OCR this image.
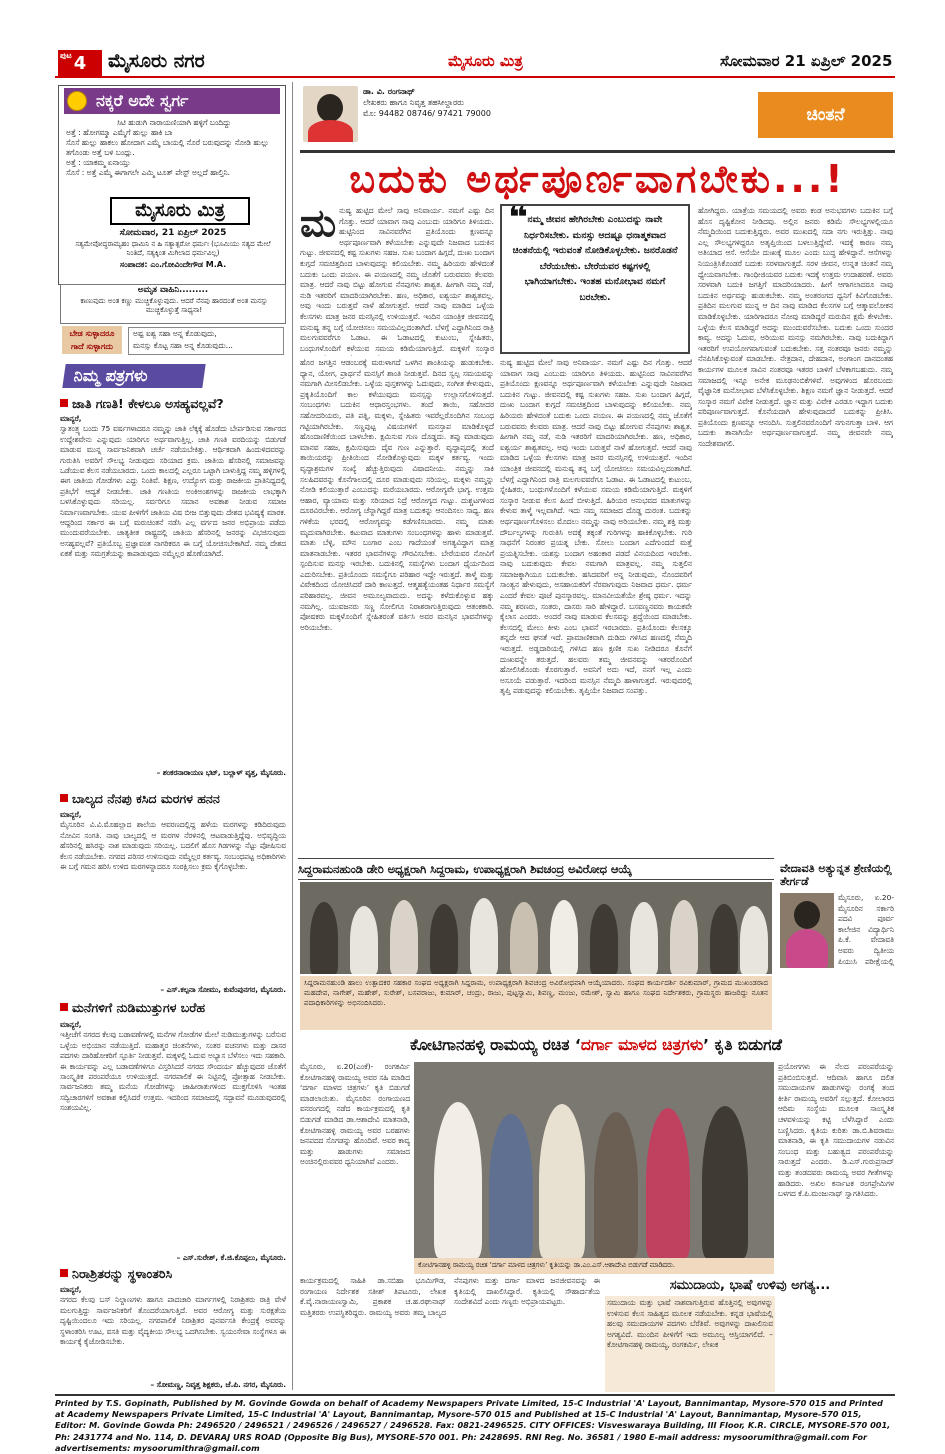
ಪುಟ 4 ಮೈಸೂರು ನಗರ	ಮೈಸೂರು ಮಿತ್ರ	ಸೋಮವಾರ 21 ಏಪ್ರಿಲ್ 2025
ನಕ್ಕರೆ ಅದೇ ಸ್ವರ್ಗ
ಸಿಟಿ ಹುಡುಗಿ ನಾರಾಯಣಿಯಾಗಿ ಹಳ್ಳಿಗೆ ಬಂದಿದ್ದು
ಅತ್ತೆ : ಹೋಗಮ್ಮಾ ಎಮ್ಮೆಗೆ ಹುಲ್ಲು ಹಾಕಿ ಬಾ
ಸೊಸೆ ಹುಲ್ಲು ಹಾಕಲು ಹೋದಾಗ ಎಮ್ಮೆ ಬಾಯಲ್ಲಿ ನೊರೆ ಬರುವುದನ್ನು ನೋಡಿ ಹುಲ್ಲು ತಗೊಂಡು ಅತ್ತೆ ಬಳಿ ಬಂದ್ಲು.
ಅತ್ತೆ : ಯಾಕಮ್ಮ ಏನಾಯ್ತು
ಸೊಸೆ : ಅತ್ತೆ ಎಮ್ಮೆ ಈಗಾಗಲೇ ಎಮ್ಮಿ ಟೂತ್ ಪೇಸ್ಟ್ ಅಲ್ಲದೆ ಹಾಲ್ತಿನಿ.
ಮೈಸೂರು ಮಿತ್ರ
ಸೋಮವಾರ, 21 ಏಪ್ರಿಲ್ 2025
ಸತ್ಯಮೇವೋದ್ಧರಾಮ್ಯಹಂ ಧಾಮಿನಿ ನ ಹಿ ಸತ್ಯಾತ್ಪರೋ ಧರ್ಮಃ (ಭೂಮಿಯು ಸತ್ಯದ ಮೇಲೆ ನಿಂತಿದೆ, ಸತ್ಯಕ್ಕಿಂತ ಮಿಗಿಲಾದ ಧರ್ಮವಿಲ್ಲ)
ಸಂಪಾದಕ: ಎಂ.ಗೋವಿಂದೇಗೌಡ M.A.
ಅಮೃತ ವಾಹಿನಿ.........
ಕಾಣುವುದು ಅಂತ ಕಣ್ಣು ಮುಚ್ಚಿಕೊಳ್ಳುವುದು. ಆದರೆ ನೆನಪು ಹಾರದಂತೆ ಅಂತ ಮನಸ್ಸು ಮುಚ್ಚಿಕೊಳ್ಳುತ್ತೆ ಸಾಧ್ಯನಾ!
ಬೇಡ ಸುಳ್ಳಾದರೂ
ಗಾದೆ ಸುಳ್ಳಾಗದು
ಅಷ್ಟ ಐಶ್ವ ಸಹಾ ಅನ್ನ ಕೊಡುವುದು,
ಮನಸ್ಸು ಕೊಟ್ಟ ಸಹಾ ಅನ್ನ ಕೊಡುವುದು...
ನಿಮ್ಮ ಪತ್ರಗಳು
ಜಾತಿ ಗಣತಿ! ಕೇಳಲೂ ಅಸಹ್ಯವಲ್ಲವೆ?
ಮಾನ್ಯರೆ,
ಸ್ವಾತಂತ್ರ್ಯ ಬಂದು 75 ವರ್ಷಗಳಾದರೂ ನಮ್ಮನ್ನು ಜಾತಿ ಲೆಕ್ಕಕ್ಕೆ ಹೊಡೆದು ಬೇರ್ಪಡಿಸುವ ಸರ್ಕಾರದ ಉದ್ದೇಶವೇನು ಎನ್ನುವುದು ಯಾರಿಗೂ ಅರ್ಥವಾಗುತ್ತಿಲ್ಲ. ಜಾತಿ ಗಣತಿ ವರದಿಯನ್ನು ಬಿಡುಗಡೆ ಮಾಡುವ ಮುನ್ನ ಸಾರ್ವಜನಿಕವಾಗಿ ಚರ್ಚೆ ನಡೆಯಬೇಕಿತ್ತು. ಆರ್ಥಿಕವಾಗಿ ಹಿಂದುಳಿದವರನ್ನು ಗುರುತಿಸಿ ಅವರಿಗೆ ಸೌಲಭ್ಯ ನೀಡುವುದು ಸರಿಯಾದ ಕ್ರಮ. ಜಾತಿಯ ಹೆಸರಿನಲ್ಲಿ ಸಮಾಜವನ್ನು ಒಡೆಯುವ ಕೆಲಸ ನಡೆಯಬಾರದು. ಒಂದು ಕಾಲದಲ್ಲಿ ಎಲ್ಲರೂ ಒಟ್ಟಾಗಿ ಬಾಳುತ್ತಿದ್ದ ನಮ್ಮ ಹಳ್ಳಿಗಳಲ್ಲಿ ಈಗ ಜಾತಿಯ ಗೋಡೆಗಳು ಎದ್ದು ನಿಂತಿವೆ. ಶಿಕ್ಷಣ, ಉದ್ಯೋಗ ಮತ್ತು ರಾಜಕೀಯ ಪ್ರಾತಿನಿಧ್ಯದಲ್ಲಿ ಪ್ರತಿಭೆಗೆ ಆದ್ಯತೆ ನೀಡಬೇಕು. ಜಾತಿ ಗಣತಿಯ ಅಂಕಿಅಂಶಗಳನ್ನು ರಾಜಕೀಯ ಲಾಭಕ್ಕಾಗಿ ಬಳಸಿಕೊಳ್ಳುವುದು ಸರಿಯಲ್ಲ. ಸರ್ವರಿಗೂ ಸಮಾನ ಅವಕಾಶ ನೀಡುವ ಸಮಾಜ ನಿರ್ಮಾಣವಾಗಬೇಕು. ಯುವ ಪೀಳಿಗೆಗೆ ಜಾತಿಯ ವಿಷ ಬೀಜ ಬಿತ್ತುವುದು ದೇಶದ ಭವಿಷ್ಯಕ್ಕೆ ಮಾರಕ. ಆದ್ದರಿಂದ ಸರ್ಕಾರ ಈ ಬಗ್ಗೆ ಮರುಚಿಂತನೆ ನಡೆಸಿ ಎಲ್ಲ ವರ್ಗದ ಜನರ ಅಭಿಪ್ರಾಯ ಪಡೆದು ಮುಂದುವರೆಯಬೇಕು. ಜಾತ್ಯತೀತ ರಾಷ್ಟ್ರದಲ್ಲಿ ಜಾತಿಯ ಹೆಸರಿನಲ್ಲಿ ಜನರನ್ನು ವಿಭಜಿಸುವುದು ಅಸಹ್ಯವಲ್ಲವೆ? ಪ್ರತಿಯೊಬ್ಬ ಪ್ರಜ್ಞಾವಂತ ನಾಗರಿಕರೂ ಈ ಬಗ್ಗೆ ಯೋಚಿಸಬೇಕಾಗಿದೆ. ನಮ್ಮ ದೇಶದ ಏಕತೆ ಮತ್ತು ಸಮಗ್ರತೆಯನ್ನು ಕಾಪಾಡುವುದು ನಮ್ಮೆಲ್ಲರ ಹೊಣೆಯಾಗಿದೆ.
– ಶಂಕರನಾರಾಯಣ ಭಟ್, ಬಲ್ಲಾಳ್ ವೃತ್ತ, ಮೈಸೂರು.
ಬಾಲ್ಯದ ನೆನಪು ಕಸಿದ ಮರಗಳ ಹನನ
ಮಾನ್ಯರೆ,
ಮೈಸೂರಿನ ವಿ.ವಿ.ಮೊಹಲ್ಲಾದ ಶಾಲೆಯ ಆವರಣದಲ್ಲಿದ್ದ ಹಳೆಯ ಮರಗಳನ್ನು ಕಡಿದಿರುವುದು ನೋವಿನ ಸಂಗತಿ. ನಾವು ಬಾಲ್ಯದಲ್ಲಿ ಆ ಮರಗಳ ನೆರಳಿನಲ್ಲಿ ಆಟವಾಡುತ್ತಿದ್ದೆವು. ಅಭಿವೃದ್ಧಿಯ ಹೆಸರಿನಲ್ಲಿ ಹಸಿರನ್ನು ನಾಶ ಮಾಡುವುದು ಸರಿಯಲ್ಲ. ಬದಲಿಗೆ ಹೊಸ ಗಿಡಗಳನ್ನು ನೆಟ್ಟು ಪೋಷಿಸುವ ಕೆಲಸ ನಡೆಯಬೇಕು. ನಗರದ ಪರಿಸರ ಉಳಿಸುವುದು ನಮ್ಮೆಲ್ಲರ ಕರ್ತವ್ಯ. ಸಂಬಂಧಪಟ್ಟ ಅಧಿಕಾರಿಗಳು ಈ ಬಗ್ಗೆ ಗಮನ ಹರಿಸಿ ಉಳಿದ ಮರಗಳನ್ನಾದರೂ ಸಂರಕ್ಷಿಸಲು ಕ್ರಮ ಕೈಗೊಳ್ಳಬೇಕು.
– ಎಸ್.ಕಲ್ಪನಾ ಸೋಮು, ಕುವೆಂಪುನಗರ, ಮೈಸೂರು.
ಮನೆಗಳಿಗೆ ನುಡಿಮುತ್ತುಗಳ ಬರೆಹ
ಮಾನ್ಯರೆ,
ಇತ್ತೀಚೆಗೆ ನಗರದ ಕೆಲವು ಬಡಾವಣೆಗಳಲ್ಲಿ ಮನೆಗಳ ಗೋಡೆಗಳ ಮೇಲೆ ನುಡಿಮುತ್ತುಗಳನ್ನು ಬರೆಸುವ ಒಳ್ಳೆಯ ಅಭಿಯಾನ ನಡೆಯುತ್ತಿದೆ. ಮಹಾತ್ಮರ ಚಿಂತನೆಗಳು, ಸಂತರ ವಚನಗಳು ಮತ್ತು ದಾಸರ ಪದಗಳು ದಾರಿಹೋಕರಿಗೆ ಸ್ಫೂರ್ತಿ ನೀಡುತ್ತವೆ. ಮಕ್ಕಳಲ್ಲಿ ಓದುವ ಅಭ್ಯಾಸ ಬೆಳೆಸಲು ಇದು ಸಹಕಾರಿ. ಈ ಕಾರ್ಯವನ್ನು ಎಲ್ಲ ಬಡಾವಣೆಗಳಿಗೂ ವಿಸ್ತರಿಸಿದರೆ ನಗರದ ಸೌಂದರ್ಯ ಹೆಚ್ಚುವುದರ ಜೊತೆಗೆ ಸಾಂಸ್ಕೃತಿಕ ಪರಂಪರೆಯೂ ಉಳಿಯುತ್ತದೆ. ನಗರಪಾಲಿಕೆ ಈ ನಿಟ್ಟಿನಲ್ಲಿ ಪ್ರೋತ್ಸಾಹ ನೀಡಬೇಕು. ಸಾರ್ವಜನಿಕರು ತಮ್ಮ ಮನೆಯ ಗೋಡೆಗಳನ್ನು ಜಾಹೀರಾತುಗಳಿಂದ ಮುಕ್ತಗೊಳಿಸಿ ಇಂತಹ ಸದ್ವಿಚಾರಗಳಿಗೆ ಅವಕಾಶ ಕಲ್ಪಿಸಿದರೆ ಉತ್ತಮ. ಇದರಿಂದ ಸಮಾಜದಲ್ಲಿ ಸದ್ಭಾವನೆ ಮೂಡುವುದರಲ್ಲಿ ಸಂಶಯವಿಲ್ಲ.
– ಎಸ್.ಸುರೇಶ್, ಕೆ.ಜಿ.ಕೊಪ್ಪಲು, ಮೈಸೂರು.
ನಿರಾಶ್ರಿತರನ್ನು ಸ್ಥಳಾಂತರಿಸಿ
ಮಾನ್ಯರೆ,
ನಗರದ ಕೆಲವು ಬಸ್ ನಿಲ್ದಾಣಗಳು ಹಾಗೂ ಪಾದಚಾರಿ ಮಾರ್ಗಗಳಲ್ಲಿ ನಿರಾಶ್ರಿತರು ರಾತ್ರಿ ವೇಳೆ ಮಲಗುತ್ತಿದ್ದು ಸಾರ್ವಜನಿಕರಿಗೆ ತೊಂದರೆಯಾಗುತ್ತಿದೆ. ಅವರ ಆರೋಗ್ಯ ಮತ್ತು ಸುರಕ್ಷತೆಯ ದೃಷ್ಟಿಯಿಂದಲೂ ಇದು ಸರಿಯಲ್ಲ. ನಗರಪಾಲಿಕೆ ನಿರಾಶ್ರಿತರ ಪುನರ್ವಸತಿ ಕೇಂದ್ರಕ್ಕೆ ಅವರನ್ನು ಸ್ಥಳಾಂತರಿಸಿ ಊಟ, ವಸತಿ ಮತ್ತು ವೈದ್ಯಕೀಯ ಸೌಲಭ್ಯ ಒದಗಿಸಬೇಕು. ಸ್ವಯಂಸೇವಾ ಸಂಸ್ಥೆಗಳೂ ಈ ಕಾರ್ಯಕ್ಕೆ ಕೈಜೋಡಿಸಬೇಕು.
– ಸೋಮಣ್ಣ, ನಿವೃತ್ತ ಶಿಕ್ಷಕರು, ಜೆ.ಪಿ. ನಗರ, ಮೈಸೂರು.
ಡಾ. ವಿ. ರಂಗನಾಥ್
ಲೇಖಕರು ಹಾಗೂ ನಿವೃತ್ತ ತಹಸೀಲ್ದಾರರು
ಮೊ: 94482 08746/ 97421 79000	ಚಿಂತನೆ
ಬದುಕು ಅರ್ಥಪೂರ್ಣವಾಗಬೇಕು...!
❝ ನಮ್ಮ ಜೀವನ ಹೇಗಿರಬೇಕು ಎಂಬುದನ್ನು ನಾವೇ ನಿರ್ಧರಿಸಬೇಕು. ಮನಸ್ಸು ಆದಷ್ಟೂ ಧನಾತ್ಮಕವಾದ ಚಿಂತನೆಯಲ್ಲಿ ಇರುವಂತೆ ನೋಡಿಕೊಳ್ಳಬೇಕು. ಜನರೊಡನೆ ಬೆರೆಯಬೇಕು. ಬೇರೆಯವರ ಕಷ್ಟಗಳಲ್ಲಿ ಭಾಗಿಯಾಗಬೇಕು. ಇಂತಹ ಮನೋಭಾವ ನಮಗೆ ಬರಬೇಕು.
ಮನುಷ್ಯ ಹುಟ್ಟಿದ ಮೇಲೆ ಸಾವು ಅನಿವಾರ್ಯ. ನಮಗೆ ಎಷ್ಟು ದಿನ ಗೊತ್ತು. ಆದರೆ ಯಾವಾಗ ಸಾವು ಎಂಬುದು ಯಾರಿಗೂ ತಿಳಿಯದು. ಹುಟ್ಟಿನಿಂದ ಸಾವಿನವರೆಗಿನ ಪ್ರತಿಯೊಂದು ಕ್ಷಣವನ್ನೂ ಅರ್ಥಪೂರ್ಣವಾಗಿ ಕಳೆಯಬೇಕು ಎನ್ನುವುದೇ ನಿಜವಾದ ಬದುಕಿನ ಗುಟ್ಟು. ಜೀವನದಲ್ಲಿ ಕಷ್ಟ ಸುಖಗಳು ಸಹಜ. ಸುಖ ಬಂದಾಗ ಹಿಗ್ಗದೆ, ದುಃಖ ಬಂದಾಗ ಕುಗ್ಗದೆ ಸಮಚಿತ್ತದಿಂದ ಬಾಳುವುದನ್ನು ಕಲಿಯಬೇಕು. ನಮ್ಮ ಹಿರಿಯರು ಹೇಳಿದಂತೆ ಬದುಕು ಒಂದು ಪಯಣ. ಈ ಪಯಣದಲ್ಲಿ ನಮ್ಮ ಜೊತೆಗೆ ಬರುವವರು ಕೆಲವರು ಮಾತ್ರ. ಆದರೆ ನಾವು ಬಿಟ್ಟು ಹೋಗುವ ನೆನಪುಗಳು ಶಾಶ್ವತ. ಹೀಗಾಗಿ ನಮ್ಮ ನಡೆ, ನುಡಿ ಇತರರಿಗೆ ಮಾದರಿಯಾಗಿರಬೇಕು. ಹಣ, ಅಧಿಕಾರ, ಐಶ್ವರ್ಯ ಶಾಶ್ವತವಲ್ಲ. ಅವು ಇಂದು ಬರುತ್ತವೆ ನಾಳೆ ಹೋಗುತ್ತವೆ. ಆದರೆ ನಾವು ಮಾಡಿದ ಒಳ್ಳೆಯ ಕೆಲಸಗಳು ಮಾತ್ರ ಜನರ ಮನಸ್ಸಿನಲ್ಲಿ ಉಳಿಯುತ್ತವೆ. ಇಂದಿನ ಯಾಂತ್ರಿಕ ಜೀವನದಲ್ಲಿ ಮನುಷ್ಯ ತನ್ನ ಬಗ್ಗೆ ಯೋಚಿಸಲು ಸಮಯವಿಲ್ಲದಂತಾಗಿದೆ. ಬೆಳಗ್ಗೆ ಎದ್ದಾಗಿನಿಂದ ರಾತ್ರಿ ಮಲಗುವವರೆಗೂ ಓಡಾಟ. ಈ ಓಡಾಟದಲ್ಲಿ ಕುಟುಂಬ, ಸ್ನೇಹಿತರು, ಬಂಧುಗಳೊಂದಿಗೆ ಕಳೆಯುವ ಸಮಯ ಕಡಿಮೆಯಾಗುತ್ತಿದೆ. ಮಕ್ಕಳಿಗೆ ಸಂಸ್ಕಾರ
ಹೊರ ಜಗತ್ತಿನ ಆಡಂಬರಕ್ಕೆ ಮರುಳಾಗದೆ ಒಳಗಿನ ಶಾಂತಿಯನ್ನು ಹುಡುಕಬೇಕು. ಧ್ಯಾನ, ಯೋಗ, ಪ್ರಾರ್ಥನೆ ಮನಸ್ಸಿಗೆ ಶಾಂತಿ ನೀಡುತ್ತವೆ. ದಿನದ ಸ್ವಲ್ಪ ಸಮಯವನ್ನು ನಮಗಾಗಿ ಮೀಸಲಿಡಬೇಕು. ಒಳ್ಳೆಯ ಪುಸ್ತಕಗಳನ್ನು ಓದುವುದು, ಸಂಗೀತ ಕೇಳುವುದು, ಪ್ರಕೃತಿಯೊಂದಿಗೆ ಕಾಲ ಕಳೆಯುವುದು ಮನಸ್ಸನ್ನು ಉಲ್ಲಾಸಗೊಳಿಸುತ್ತದೆ. ಸಂಬಂಧಗಳು ಬದುಕಿನ ಆಧಾರಸ್ತಂಭಗಳು. ತಂದೆ ತಾಯಿ, ಸಹೋದರ ಸಹೋದರಿಯರು, ಪತಿ ಪತ್ನಿ, ಮಕ್ಕಳು, ಸ್ನೇಹಿತರು ಇವರೆಲ್ಲರೊಂದಿಗಿನ ಸಂಬಂಧ ಗಟ್ಟಿಯಾಗಿರಬೇಕು. ಸಣ್ಣಪುಟ್ಟ ವಿಷಯಗಳಿಗೆ ಮನಸ್ತಾಪ ಮಾಡಿಕೊಳ್ಳದೆ ಹೊಂದಾಣಿಕೆಯಿಂದ ಬಾಳಬೇಕು. ಕ್ಷಮಿಸುವ ಗುಣ ದೊಡ್ಡದು. ತಪ್ಪು ಮಾಡುವುದು ಮಾನವ ಸಹಜ, ಕ್ಷಮಿಸುವುದು ದೈವ ಗುಣ ಎನ್ನುತ್ತಾರೆ. ವೃದ್ಧಾಪ್ಯದಲ್ಲಿ ತಂದೆ ತಾಯಿಯರನ್ನು ಪ್ರೀತಿಯಿಂದ ನೋಡಿಕೊಳ್ಳುವುದು ಮಕ್ಕಳ ಕರ್ತವ್ಯ. ಇಂದು ವೃದ್ಧಾಶ್ರಮಗಳ ಸಂಖ್ಯೆ ಹೆಚ್ಚುತ್ತಿರುವುದು ವಿಷಾದನೀಯ. ನಮ್ಮನ್ನು ಸಾಕಿ ಸಲಹಿದವರನ್ನು ಕೊನೆಗಾಲದಲ್ಲಿ ದೂರ ಮಾಡುವುದು ಸರಿಯಲ್ಲ. ಮಕ್ಕಳು ನಮ್ಮನ್ನು ನೋಡಿ ಕಲಿಯುತ್ತಾರೆ ಎಂಬುದನ್ನು ಮರೆಯಬಾರದು. ಆರೋಗ್ಯವೇ ಭಾಗ್ಯ. ಉತ್ತಮ ಆಹಾರ, ವ್ಯಾಯಾಮ ಮತ್ತು ಸರಿಯಾದ ನಿದ್ರೆ ಆರೋಗ್ಯದ ಗುಟ್ಟು. ದುಶ್ಚಟಗಳಿಂದ ದೂರವಿರಬೇಕು. ಆರೋಗ್ಯ ಚೆನ್ನಾಗಿದ್ದರೆ ಮಾತ್ರ ಬದುಕನ್ನು ಆನಂದಿಸಲು ಸಾಧ್ಯ. ಹಣ ಗಳಿಕೆಯ ಭರದಲ್ಲಿ ಆರೋಗ್ಯವನ್ನು ಕಡೆಗಣಿಸಬಾರದು. ನಮ್ಮ ಮಾತು ಮೃದುವಾಗಿರಬೇಕು. ಕಟುವಾದ ಮಾತುಗಳು ಸಂಬಂಧಗಳನ್ನು ಹಾಳು ಮಾಡುತ್ತವೆ. ಮಾತು ಬೆಳ್ಳಿ, ಮೌನ ಬಂಗಾರ ಎಂಬ ಗಾದೆಯಂತೆ ಅಗತ್ಯವಿದ್ದಾಗ ಮಾತ್ರ ಮಾತನಾಡಬೇಕು. ಇತರರ ಭಾವನೆಗಳನ್ನು ಗೌರವಿಸಬೇಕು. ಬೇರೆಯವರ ನೋವಿಗೆ ಸ್ಪಂದಿಸುವ ಮನಸ್ಸು ಇರಬೇಕು. ಬದುಕಿನಲ್ಲಿ ಸಮಸ್ಯೆಗಳು ಬಂದಾಗ ಧೈರ್ಯದಿಂದ ಎದುರಿಸಬೇಕು. ಪ್ರತಿಯೊಂದು ಸಮಸ್ಯೆಗೂ ಪರಿಹಾರ ಇದ್ದೇ ಇರುತ್ತದೆ. ತಾಳ್ಮೆ ಮತ್ತು ವಿವೇಕದಿಂದ ಯೋಚಿಸಿದರೆ ದಾರಿ ಕಾಣುತ್ತದೆ. ಆತ್ಮಹತ್ಯೆಯಂತಹ ನಿರ್ಧಾರ ಸಮಸ್ಯೆಗೆ ಪರಿಹಾರವಲ್ಲ. ಜೀವನ ಅಮೂಲ್ಯವಾದುದು. ಅದನ್ನು ಕಳೆದುಕೊಳ್ಳುವ ಹಕ್ಕು ನಮಗಿಲ್ಲ. ಯುವಜನರು ಸಣ್ಣ ಸೋಲಿಗೂ ನಿರಾಶರಾಗುತ್ತಿರುವುದು ಆತಂಕಕಾರಿ. ಪೋಷಕರು ಮಕ್ಕಳೊಂದಿಗೆ ಸ್ನೇಹಿತರಂತೆ ವರ್ತಿಸಿ ಅವರ ಮನಸ್ಸಿನ ಭಾವನೆಗಳನ್ನು ಅರಿಯಬೇಕು.
ನುಷ್ಯ ಹುಟ್ಟಿದ ಮೇಲೆ ಸಾವು ಅನಿವಾರ್ಯ. ನಮಗೆ ಎಷ್ಟು ದಿನ ಗೊತ್ತು. ಆದರೆ ಯಾವಾಗ ಸಾವು ಎಂಬುದು ಯಾರಿಗೂ ತಿಳಿಯದು. ಹುಟ್ಟಿನಿಂದ ಸಾವಿನವರೆಗಿನ ಪ್ರತಿಯೊಂದು ಕ್ಷಣವನ್ನೂ ಅರ್ಥಪೂರ್ಣವಾಗಿ ಕಳೆಯಬೇಕು ಎನ್ನುವುದೇ ನಿಜವಾದ ಬದುಕಿನ ಗುಟ್ಟು. ಜೀವನದಲ್ಲಿ ಕಷ್ಟ ಸುಖಗಳು ಸಹಜ. ಸುಖ ಬಂದಾಗ ಹಿಗ್ಗದೆ, ದುಃಖ ಬಂದಾಗ ಕುಗ್ಗದೆ ಸಮಚಿತ್ತದಿಂದ ಬಾಳುವುದನ್ನು ಕಲಿಯಬೇಕು. ನಮ್ಮ ಹಿರಿಯರು ಹೇಳಿದಂತೆ ಬದುಕು ಒಂದು ಪಯಣ. ಈ ಪಯಣದಲ್ಲಿ ನಮ್ಮ ಜೊತೆಗೆ ಬರುವವರು ಕೆಲವರು ಮಾತ್ರ. ಆದರೆ ನಾವು ಬಿಟ್ಟು ಹೋಗುವ ನೆನಪುಗಳು ಶಾಶ್ವತ. ಹೀಗಾಗಿ ನಮ್ಮ ನಡೆ, ನುಡಿ ಇತರರಿಗೆ ಮಾದರಿಯಾಗಿರಬೇಕು. ಹಣ, ಅಧಿಕಾರ, ಐಶ್ವರ್ಯ ಶಾಶ್ವತವಲ್ಲ. ಅವು ಇಂದು ಬರುತ್ತವೆ ನಾಳೆ ಹೋಗುತ್ತವೆ. ಆದರೆ ನಾವು ಮಾಡಿದ ಒಳ್ಳೆಯ ಕೆಲಸಗಳು ಮಾತ್ರ ಜನರ ಮನಸ್ಸಿನಲ್ಲಿ ಉಳಿಯುತ್ತವೆ. ಇಂದಿನ ಯಾಂತ್ರಿಕ ಜೀವನದಲ್ಲಿ ಮನುಷ್ಯ ತನ್ನ ಬಗ್ಗೆ ಯೋಚಿಸಲು ಸಮಯವಿಲ್ಲದಂತಾಗಿದೆ. ಬೆಳಗ್ಗೆ ಎದ್ದಾಗಿನಿಂದ ರಾತ್ರಿ ಮಲಗುವವರೆಗೂ ಓಡಾಟ. ಈ ಓಡಾಟದಲ್ಲಿ ಕುಟುಂಬ, ಸ್ನೇಹಿತರು, ಬಂಧುಗಳೊಂದಿಗೆ ಕಳೆಯುವ ಸಮಯ ಕಡಿಮೆಯಾಗುತ್ತಿದೆ. ಮಕ್ಕಳಿಗೆ ಸಂಸ್ಕಾರ ನೀಡುವ ಕೆಲಸ ಹಿಂದೆ ಬೀಳುತ್ತಿದೆ. ಹಿರಿಯರ ಅನುಭವದ ಮಾತುಗಳನ್ನು ಕೇಳುವ ತಾಳ್ಮೆ ಇಲ್ಲವಾಗಿದೆ. ಇದು ನಮ್ಮ ಸಮಾಜದ ದೊಡ್ಡ ದುರಂತ. ಬದುಕನ್ನು ಅರ್ಥಪೂರ್ಣಗೊಳಿಸಲು ಮೊದಲು ನಮ್ಮನ್ನು ನಾವು ಅರಿಯಬೇಕು. ನಮ್ಮ ಶಕ್ತಿ ಮತ್ತು ದೌರ್ಬಲ್ಯಗಳನ್ನು ಗುರುತಿಸಿ ಅದಕ್ಕೆ ತಕ್ಕಂತೆ ಗುರಿಗಳನ್ನು ಹಾಕಿಕೊಳ್ಳಬೇಕು. ಗುರಿ ಸಾಧನೆಗೆ ನಿರಂತರ ಪ್ರಯತ್ನ ಬೇಕು. ಸೋಲು ಬಂದಾಗ ಎದೆಗುಂದದೆ ಮತ್ತೆ ಪ್ರಯತ್ನಿಸಬೇಕು. ಯಶಸ್ಸು ಬಂದಾಗ ಅಹಂಕಾರ ಪಡದೆ ವಿನಯದಿಂದ ಇರಬೇಕು. ನಾವು ಬದುಕುವುದು ಕೇವಲ ನಮಗಾಗಿ ಮಾತ್ರವಲ್ಲ. ನಮ್ಮ ಸುತ್ತಲಿನ ಸಮಾಜಕ್ಕಾಗಿಯೂ ಬದುಕಬೇಕು. ಹಸಿದವರಿಗೆ ಅನ್ನ ನೀಡುವುದು, ನೊಂದವರಿಗೆ ಸಾಂತ್ವನ ಹೇಳುವುದು, ಅಸಹಾಯಕರಿಗೆ ನೆರವಾಗುವುದು ನಿಜವಾದ ಧರ್ಮ. ಧರ್ಮ ಎಂದರೆ ಕೇವಲ ಪೂಜೆ ಪುನಸ್ಕಾರವಲ್ಲ. ಮಾನವೀಯತೆಯೇ ಶ್ರೇಷ್ಠ ಧರ್ಮ. ಇದನ್ನು ನಮ್ಮ ಶರಣರು, ಸಂತರು, ದಾಸರು ಸಾರಿ ಹೇಳಿದ್ದಾರೆ. ಬಸವಣ್ಣನವರು ಕಾಯಕವೇ ಕೈಲಾಸ ಎಂದರು. ಅಂದರೆ ನಾವು ಮಾಡುವ ಕೆಲಸವನ್ನು ಶ್ರದ್ಧೆಯಿಂದ ಮಾಡಬೇಕು. ಕೆಲಸದಲ್ಲಿ ಮೇಲು ಕೀಳು ಎಂಬ ಭಾವನೆ ಇರಬಾರದು. ಪ್ರತಿಯೊಂದು ಕೆಲಸಕ್ಕೂ ತನ್ನದೇ ಆದ ಘನತೆ ಇದೆ. ಪ್ರಾಮಾಣಿಕವಾಗಿ ದುಡಿದು ಗಳಿಸಿದ ಹಣದಲ್ಲಿ ನೆಮ್ಮದಿ ಇರುತ್ತದೆ. ಅಡ್ಡದಾರಿಯಲ್ಲಿ ಗಳಿಸಿದ ಹಣ ಕ್ಷಣಿಕ ಸುಖ ನೀಡಿದರೂ ಕೊನೆಗೆ ದುಃಖವನ್ನೇ ತರುತ್ತದೆ. ಹಲವರು ತಮ್ಮ ಜೀವನವನ್ನು ಇತರರೊಂದಿಗೆ ಹೋಲಿಸಿಕೊಂಡು ಕೊರಗುತ್ತಾರೆ. ಅವನಿಗೆ ಅದು ಇದೆ, ನನಗೆ ಇಲ್ಲ ಎಂದು ಅಸೂಯೆ ಪಡುತ್ತಾರೆ. ಇದರಿಂದ ಮನಸ್ಸಿನ ನೆಮ್ಮದಿ ಹಾಳಾಗುತ್ತದೆ. ಇರುವುದರಲ್ಲಿ ತೃಪ್ತಿ ಪಡುವುದನ್ನು ಕಲಿಯಬೇಕು. ತೃಪ್ತಿಯೇ ನಿಜವಾದ ಸಂಪತ್ತು.
ಹೋಗಿದ್ದರು. ಯಾತ್ರೆಯ ಸಮಯದಲ್ಲಿ ಅವರು ಕಂಡ ಅನುಭವಗಳು ಬದುಕಿನ ಬಗ್ಗೆ ಹೊಸ ದೃಷ್ಟಿಕೋನ ನೀಡಿದವು. ಅಲ್ಲಿನ ಜನರು ಕಡಿಮೆ ಸೌಲಭ್ಯಗಳಲ್ಲಿಯೂ ನೆಮ್ಮದಿಯಿಂದ ಬದುಕುತ್ತಿದ್ದರು. ಅವರ ಮುಖದಲ್ಲಿ ಸದಾ ನಗು ಇರುತ್ತಿತ್ತು. ನಾವು ಎಲ್ಲ ಸೌಲಭ್ಯಗಳಿದ್ದರೂ ಅತೃಪ್ತಿಯಿಂದ ಬಳಲುತ್ತಿದ್ದೇವೆ. ಇದಕ್ಕೆ ಕಾರಣ ನಮ್ಮ ಅತಿಯಾದ ಆಸೆ. ಆಸೆಯೇ ದುಃಖಕ್ಕೆ ಮೂಲ ಎಂದು ಬುದ್ಧ ಹೇಳಿದ್ದಾನೆ. ಆಸೆಗಳನ್ನು ನಿಯಂತ್ರಿಸಿಕೊಂಡರೆ ಬದುಕು ಸರಳವಾಗುತ್ತದೆ. ಸರಳ ಜೀವನ, ಉನ್ನತ ಚಿಂತನೆ ನಮ್ಮ ಧ್ಯೇಯವಾಗಬೇಕು. ಗಾಂಧೀಜಿಯವರ ಬದುಕು ಇದಕ್ಕೆ ಉತ್ತಮ ಉದಾಹರಣೆ. ಅವರು ಸರಳವಾಗಿ ಬದುಕಿ ಜಗತ್ತಿಗೆ ಮಾದರಿಯಾದರು. ಹೀಗೆ ಆಗಾಗಲಾದರೂ ನಾವು ಬದುಕಿನ ಅರ್ಥವನ್ನು ಹುಡುಕಬೇಕು. ನಮ್ಮ ಅಂತರಂಗದ ಧ್ವನಿಗೆ ಕಿವಿಗೊಡಬೇಕು. ಪ್ರತಿದಿನ ಮಲಗುವ ಮುನ್ನ ಆ ದಿನ ನಾವು ಮಾಡಿದ ಕೆಲಸಗಳ ಬಗ್ಗೆ ಆತ್ಮಾವಲೋಕನ ಮಾಡಿಕೊಳ್ಳಬೇಕು. ಯಾರಿಗಾದರೂ ನೋವು ಮಾಡಿದ್ದರೆ ಮರುದಿನ ಕ್ಷಮೆ ಕೇಳಬೇಕು. ಒಳ್ಳೆಯ ಕೆಲಸ ಮಾಡಿದ್ದರೆ ಅದನ್ನು ಮುಂದುವರೆಸಬೇಕು. ಬದುಕು ಒಂದು ಸುಂದರ ಕಾವ್ಯ. ಅದನ್ನು ಓದುವ, ಅರಿಯುವ ಮನಸ್ಸು ನಮಗಿರಬೇಕು. ನಾವು ಬದುಕಿದ್ದಾಗ ಇತರರಿಗೆ ಉಪಯೋಗವಾಗುವಂತೆ ಬದುಕಬೇಕು. ಸತ್ತ ನಂತರವೂ ಜನರು ನಮ್ಮನ್ನು ನೆನಪಿಸಿಕೊಳ್ಳುವಂತೆ ಮಾಡಬೇಕು. ನೇತ್ರದಾನ, ದೇಹದಾನ, ಅಂಗಾಂಗ ದಾನದಂತಹ ಕಾರ್ಯಗಳ ಮೂಲಕ ಸಾವಿನ ನಂತರವೂ ಇತರರ ಬಾಳಿಗೆ ಬೆಳಕಾಗಬಹುದು. ನಮ್ಮ ಸಮಾಜದಲ್ಲಿ ಇನ್ನೂ ಅನೇಕ ಮೂಢನಂಬಿಕೆಗಳಿವೆ. ಅವುಗಳಿಂದ ಹೊರಬಂದು ವೈಜ್ಞಾನಿಕ ಮನೋಭಾವ ಬೆಳೆಸಿಕೊಳ್ಳಬೇಕು. ಶಿಕ್ಷಣ ನಮಗೆ ಜ್ಞಾನ ನೀಡುತ್ತದೆ. ಆದರೆ ಸಂಸ್ಕಾರ ನಮಗೆ ವಿವೇಕ ನೀಡುತ್ತದೆ. ಜ್ಞಾನ ಮತ್ತು ವಿವೇಕ ಎರಡೂ ಇದ್ದಾಗ ಬದುಕು ಪರಿಪೂರ್ಣವಾಗುತ್ತದೆ. ಕೊನೆಯದಾಗಿ ಹೇಳುವುದಾದರೆ ಬದುಕನ್ನು ಪ್ರೀತಿಸಿ. ಪ್ರತಿಯೊಂದು ಕ್ಷಣವನ್ನೂ ಆನಂದಿಸಿ. ಸುತ್ತಲಿನವರೊಂದಿಗೆ ನಗುನಗುತ್ತಾ ಬಾಳಿ. ಆಗ ಬದುಕು ತಾನಾಗಿಯೇ ಅರ್ಥಪೂರ್ಣವಾಗುತ್ತದೆ. ನಮ್ಮ ಜೀವನವೇ ನಮ್ಮ ಸಂದೇಶವಾಗಲಿ.
ಸಿದ್ದರಾಮನಹುಂಡಿ ಡೇರಿ ಅಧ್ಯಕ್ಷರಾಗಿ ಸಿದ್ದರಾಮ, ಉಪಾಧ್ಯಕ್ಷರಾಗಿ ಶಿವಚಂದ್ರ ಅವಿರೋಧ ಆಯ್ಕೆ
ಸಿದ್ದರಾಮನಹುಂಡಿ ಹಾಲು ಉತ್ಪಾದಕರ ಸಹಕಾರ ಸಂಘದ ಅಧ್ಯಕ್ಷರಾಗಿ ಸಿದ್ದರಾಮ, ಉಪಾಧ್ಯಕ್ಷರಾಗಿ ಶಿವಚಂದ್ರ ಅವಿರೋಧವಾಗಿ ಆಯ್ಕೆಯಾದರು. ಸಂಘದ ಕಾರ್ಯದರ್ಶಿ ರವಿಕುಮಾರ್, ಗ್ರಾಮದ ಮುಖಂಡರಾದ ಮಹದೇವ, ನಾಗೇಶ್, ಮಹೇಶ್, ಸುರೇಶ್, ಬಸವರಾಜು, ಕುಮಾರ್, ಚಂದ್ರು, ರಾಜು, ಪುಟ್ಟಸ್ವಾಮಿ, ಶಿವಣ್ಣ, ಮಂಜು, ರಮೇಶ್, ಸ್ವಾಮಿ ಹಾಗೂ ಸಂಘದ ನಿರ್ದೇಶಕರು, ಗ್ರಾಮಸ್ಥರು ಹಾಜರಿದ್ದು ನೂತನ ಪದಾಧಿಕಾರಿಗಳನ್ನು ಅಭಿನಂದಿಸಿದರು.
ವೇದಾವತಿ ಅತ್ಯುನ್ನತ ಶ್ರೇಣಿಯಲ್ಲಿ ತೇರ್ಗಡೆ
ಮೈಸೂರು, ಏ.20- ಮೈಸೂರಿನ ಸರ್ಕಾರಿ ಪದವಿ ಪೂರ್ವ ಕಾಲೇಜಿನ ವಿದ್ಯಾರ್ಥಿನಿ ಪಿ.ಕೆ. ವೇದಾವತಿ ಅವರು ದ್ವಿತೀಯ ಪಿಯುಸಿ ಪರೀಕ್ಷೆಯಲ್ಲಿ
ಕೋಟಿಗಾನಹಳ್ಳಿ ರಾಮಯ್ಯ ರಚಿತ ‘ದರ್ಗಾ ಮಾಳದ ಚಿತ್ರಗಳು’ ಕೃತಿ ಬಿಡುಗಡೆ
ಮೈಸೂರು, ಏ.20(ಎಂಕೆ)- ರಂಗಕರ್ಮಿ ಕೋಟಿಗಾನಹಳ್ಳಿ ರಾಮಯ್ಯ ಅವರ ಸಹಿ ಮಾಡಿದ ‘ದರ್ಗಾ ಮಾಳದ ಚಿತ್ರಗಳು’ ಕೃತಿ ಬಿಡುಗಡೆ ಮಾಡಲಾಯಿತು. ಮೈಸೂರಿನ ರಂಗಾಯಣದ ವನರಂಗದಲ್ಲಿ ನಡೆದ ಕಾರ್ಯಕ್ರಮದಲ್ಲಿ ಕೃತಿ ಬಿಡುಗಡೆ ಮಾಡಿದ ಡಾ.ಆಶಾದೇವಿ ಮಾತನಾಡಿ, ಕೋಟಿಗಾನಹಳ್ಳಿ ರಾಮಯ್ಯ ಅವರ ಬರಹಗಳು ಜನಪದದ ಸೊಗಡನ್ನು ಹೊಂದಿವೆ. ಅವರ ಕಾವ್ಯ ಮತ್ತು ಹಾಡುಗಳು ಸಮಾಜದ ಅಂಚಿನಲ್ಲಿರುವವರ ಧ್ವನಿಯಾಗಿವೆ ಎಂದರು.
ಕೋಟಿಗಾನಹಳ್ಳಿ ರಾಮಯ್ಯ ರಚಿತ ‘ದರ್ಗಾ ಮಾಳದ ಚಿತ್ರಗಳು’ ಕೃತಿಯನ್ನು ಡಾ.ಎಂ.ಎಸ್.ಆಶಾದೇವಿ ಬಿಡುಗಡೆ ಮಾಡಿದರು.
ಪ್ರಯೋಗಗಳು ಈ ನೆಲದ ಪರಂಪರೆಯನ್ನು ಪ್ರತಿಬಿಂಬಿಸುತ್ತವೆ. ಆದಿವಾಸಿ ಹಾಗೂ ದಲಿತ ಸಮುದಾಯಗಳ ಹಾಡುಗಳನ್ನು ರಂಗಕ್ಕೆ ತಂದ ಕೀರ್ತಿ ರಾಮಯ್ಯ ಅವರಿಗೆ ಸಲ್ಲುತ್ತದೆ. ಕೋಲಾರದ ಆದಿಮ ಸಂಸ್ಥೆಯ ಮೂಲಕ ಸಾಂಸ್ಕೃತಿಕ ಚಳವಳಿಯನ್ನು ಕಟ್ಟಿ ಬೆಳೆಸಿದ್ದಾರೆ ಎಂದು ಬಣ್ಣಿಸಿದರು. ಕೃತಿಯ ಕುರಿತು ಡಾ.ಬಿ.ಶಿವರಾಮು ಮಾತನಾಡಿ, ಈ ಕೃತಿ ಸಮುದಾಯಗಳ ನಡುವಿನ ಸಂಬಂಧ ಮತ್ತು ಬಹುತ್ವದ ಪರಂಪರೆಯನ್ನು ಸಾರುತ್ತದೆ ಎಂದರು. ಡಿ.ಎಸ್.ಗುರುಪ್ರಸಾದ್ ಮತ್ತು ತಂಡದವರು ರಾಮಯ್ಯ ಅವರ ಗೀತೆಗಳನ್ನು ಹಾಡಿದರು. ಅಖಿಲ ಕರ್ನಾಟಕ ರಂಗಪ್ರೇಮಿಗಳ ಬಳಗದ ಕೆ.ಪಿ.ಮಂಜುನಾಥ್ ಸ್ವಾಗತಿಸಿದರು.
ಕಾರ್ಯಕ್ರಮದಲ್ಲಿ ಸಾಹಿತಿ ಡಾ.ಸಬಿಹಾ ಭೂಮಿಗೌಡ, ರಂಗಾಯಣ ನಿರ್ದೇಶಕ ಸತೀಶ್ ತಿಪಟೂರು, ಲೇಖಕ ಕೆ.ವೈ.ನಾರಾಯಣಸ್ವಾಮಿ, ಪ್ರಕಾಶಕ ಚ.ಹ.ರಘುನಾಥ್ ಮತ್ತಿತರರು ಉಪಸ್ಥಿತರಿದ್ದರು. ರಾಮಯ್ಯ ಅವರು ತಮ್ಮ ಬಾಲ್ಯದ ನೆನಪುಗಳು ಮತ್ತು ದರ್ಗಾ ಮಾಳದ ಜನಜೀವನವನ್ನು ಈ ಕೃತಿಯಲ್ಲಿ ದಾಖಲಿಸಿದ್ದಾರೆ. ಕೃತಿಯಲ್ಲಿ ಸೌಹಾರ್ದತೆಯ ಸಂದೇಶವಿದೆ ಎಂದು ಗಣ್ಯರು ಅಭಿಪ್ರಾಯಪಟ್ಟರು.
ಸಮುದಾಯ, ಭಾಷೆ ಉಳಿವು ಅಗತ್ಯ...
ಸಮುದಾಯ ಮತ್ತು ಭಾಷೆ ನಾಶವಾಗುತ್ತಿರುವ ಹೊತ್ತಿನಲ್ಲಿ ಅವುಗಳನ್ನು ಉಳಿಸುವ ಕೆಲಸ ಸಾಹಿತ್ಯದ ಮೂಲಕ ನಡೆಯಬೇಕು. ಕನ್ನಡ ಭಾಷೆಯಲ್ಲಿ ಹಲವು ಸಮುದಾಯಗಳ ಪದಗಳು ಬೆರೆತಿವೆ. ಅವುಗಳನ್ನು ದಾಖಲಿಸುವ ಅಗತ್ಯವಿದೆ. ಮುಂದಿನ ಪೀಳಿಗೆಗೆ ಇದು ಅಮೂಲ್ಯ ಆಸ್ತಿಯಾಗಲಿದೆ. – ಕೋಟಿಗಾನಹಳ್ಳಿ ರಾಮಯ್ಯ, ರಂಗಕರ್ಮಿ, ಲೇಖಕ
Printed by T.S. Gopinath, Published by M. Govinde Gowda on behalf of Academy Newspapers Private Limited, 15-C Industrial 'A' Layout, Bannimantap, Mysore-570 015 and Printed at Academy Newspapers Private Limited, 15-C Industrial 'A' Layout, Bannimantap, Mysore-570 015 and Published at 15-C Industrial 'A' Layout, Bannimantap, Mysore-570 015, Editor: M. Govinde Gowda Ph: 2496520 / 2496521 / 2496526 / 2496527 / 2496528. Fax: 0821-2496525. CITY OFFICES: Visveswaraya Building, III Floor, K.R. CIRCLE, MYSORE-570 001, Ph: 2431774 and No. 114, D. DEVARAJ URS ROAD (Opposite Big Bus), MYSORE-570 001. Ph: 2428695. RNI Reg. No. 36581 / 1980 E-mail address: mysoorumithra@gmail.com For advertisements: mysoorumithra@gmail.com
